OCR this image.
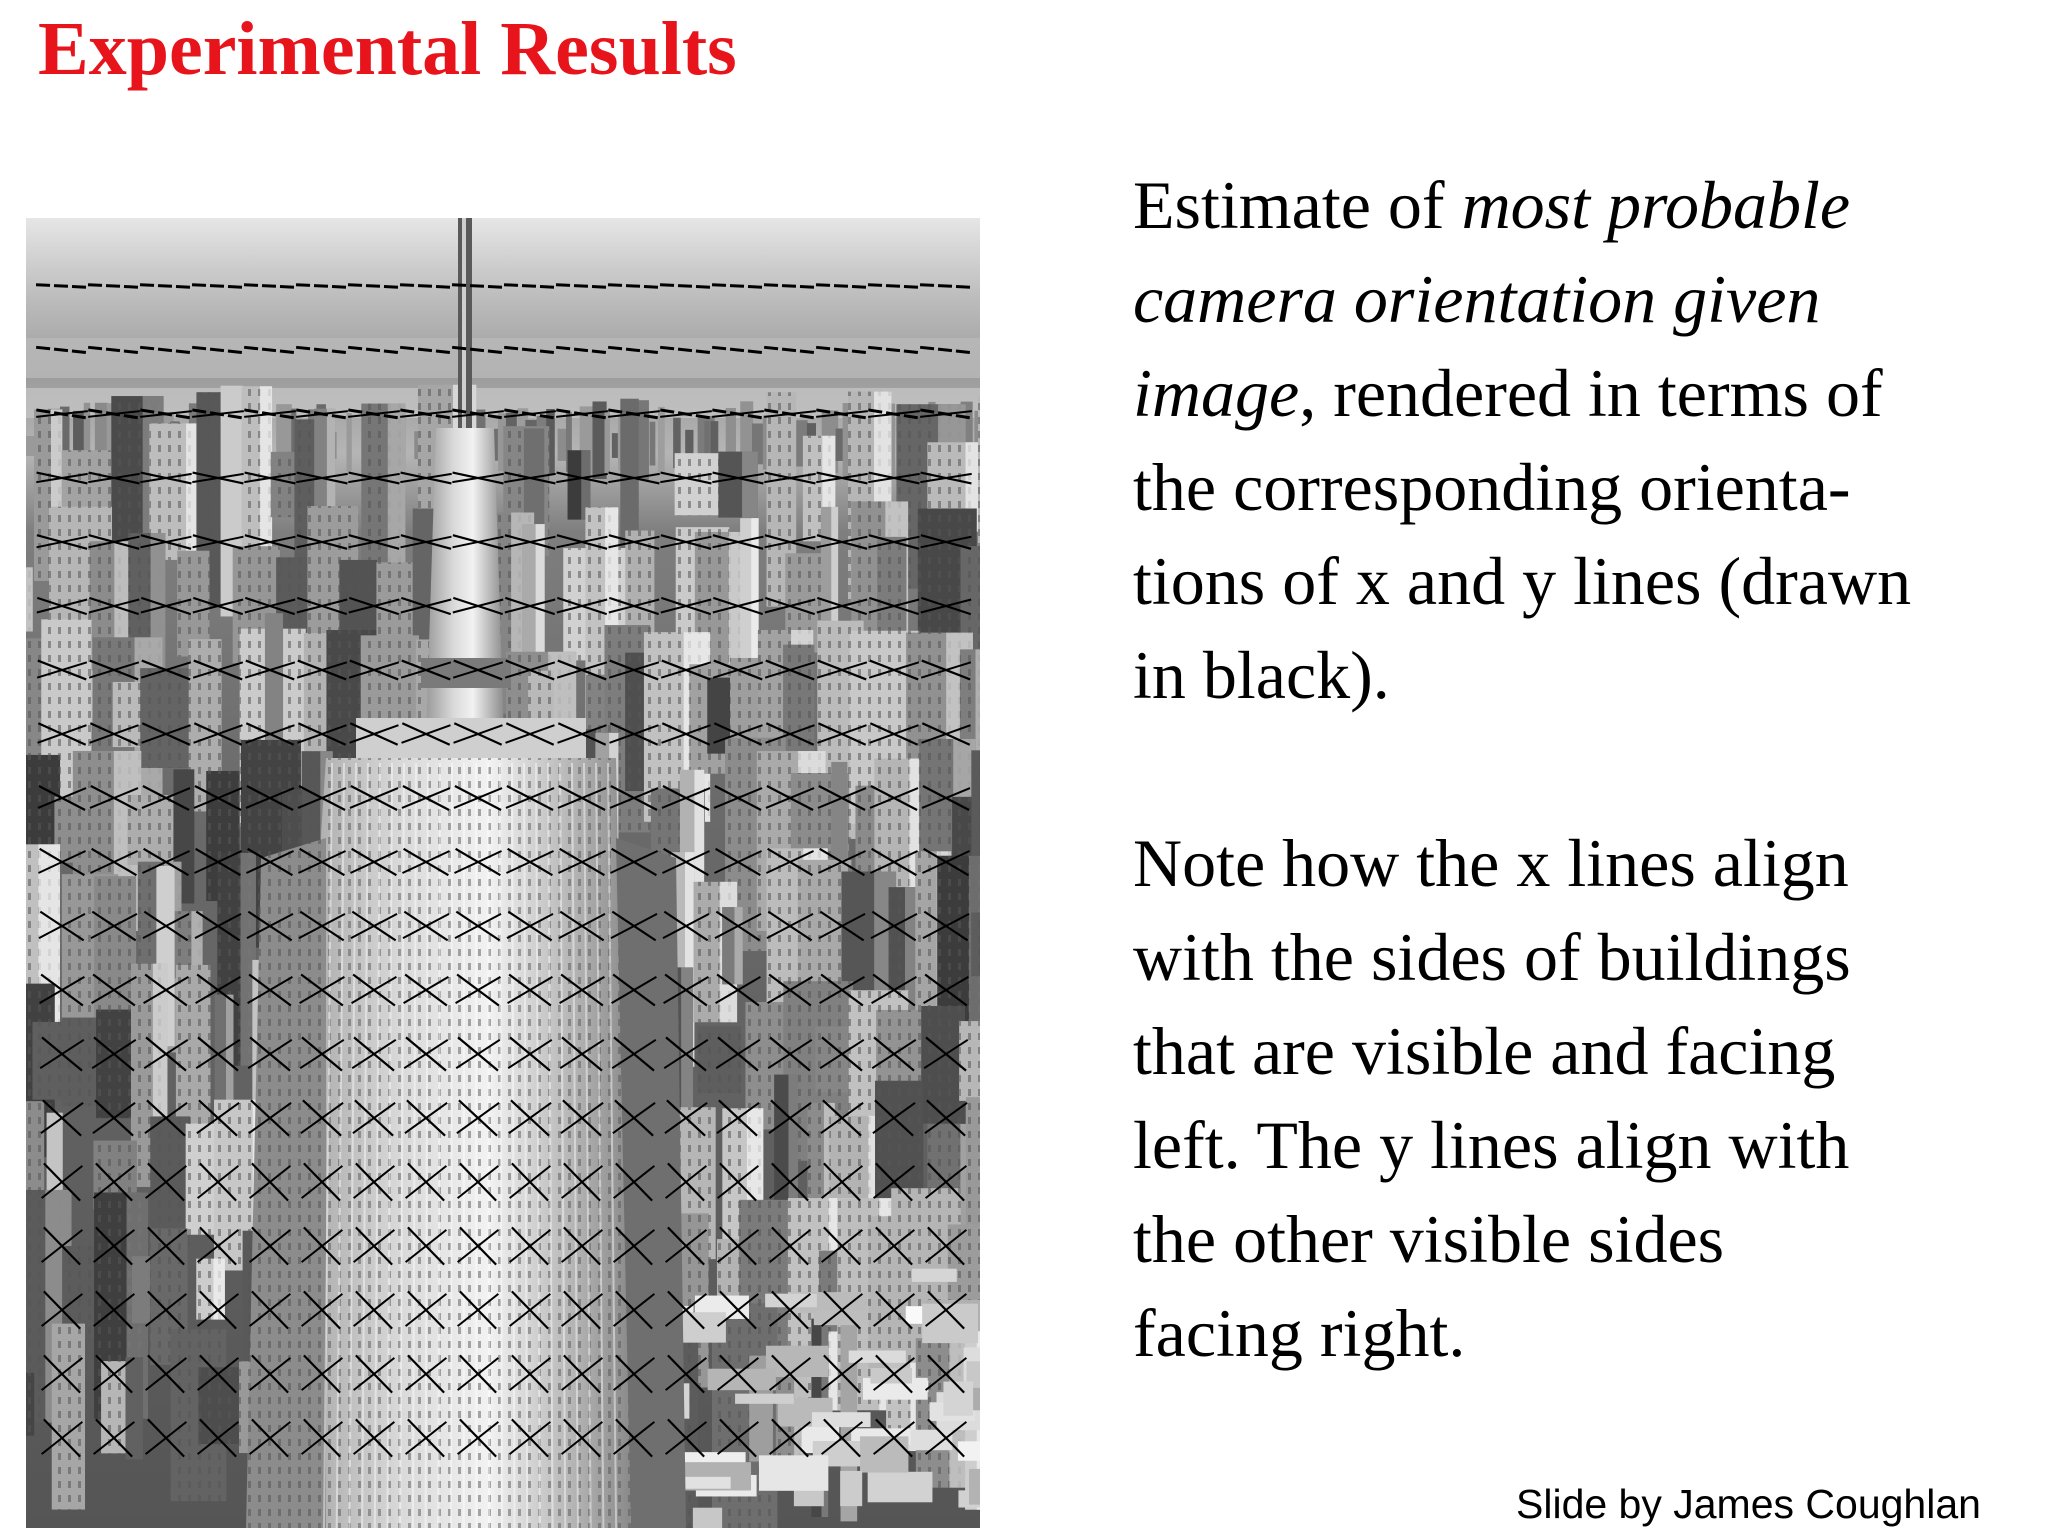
Experimental Results

Estimate of most probable
camera orientation given
image, rendered in terms of
the corresponding orienta-
tions of x and y lines (drawn
in black).

Note how the x lines align
with the sides of buildings
that are visible and facing
left. The y lines align with
the other visible sides
facing right.

Slide by James Coughlan
